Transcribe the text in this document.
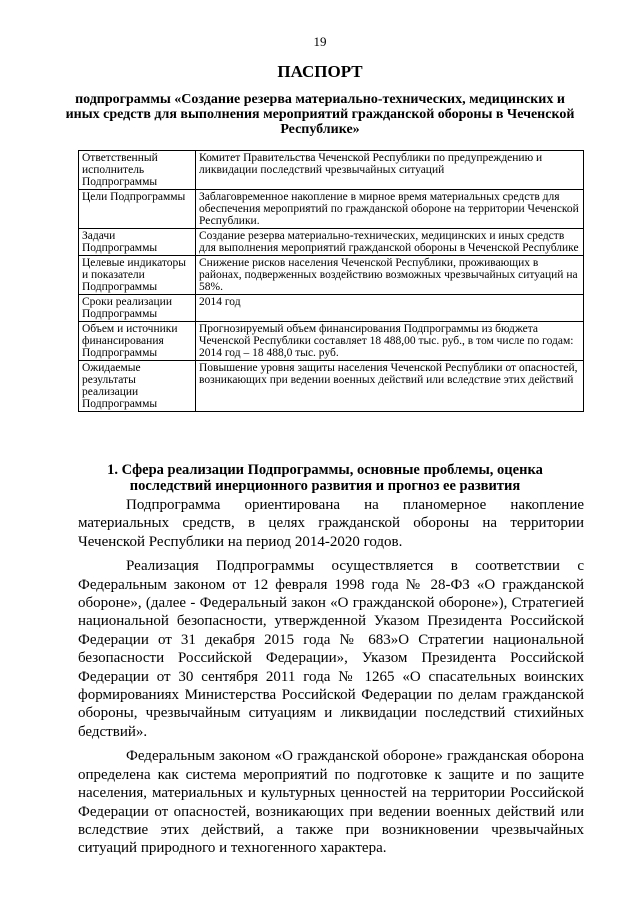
19
ПАСПОРТ
подпрограммы «Создание резерва материально-технических, медицинских и иных средств для выполнения мероприятий гражданской обороны в Чеченской Республике»
Ответственный исполнитель Подпрограммы	Комитет Правительства Чеченской Республики по предупреждению и ликвидации последствий чрезвычайных ситуаций
Цели Подпрограммы	Заблаговременное накопление в мирное время материальных средств для обеспечения мероприятий по гражданской обороне на территории Чеченской Республики.
Задачи Подпрограммы	Создание резерва материально-технических, медицинских и иных средств для выполнения мероприятий гражданской обороны в Чеченской Республике
Целевые индикаторы и показатели Подпрограммы	Снижение рисков населения Чеченской Республики, проживающих в районах, подверженных воздействию возможных чрезвычайных ситуаций на 58%.
Сроки реализации Подпрограммы	2014 год
Объем и источники финансирования Подпрограммы	Прогнозируемый объем финансирования Подпрограммы из бюджета Чеченской Республики составляет 18 488,00 тыс. руб., в том числе по годам:
2014 год – 18 488,0 тыс. руб.

Ожидаемые результаты реализации Подпрограммы	Повышение уровня защиты населения Чеченской Республики от опасностей, возникающих при ведении военных действий или вследствие этих действий
1. Сфера реализации Подпрограммы, основные проблемы, оценка последствий инерционного развития и прогноз ее развития

Подпрограмма ориентирована на планомерное накопление материальных средств, в целях гражданской обороны на территории Чеченской Республики на период 2014-2020 годов.

Реализация Подпрограммы осуществляется в соответствии с Федеральным законом от 12 февраля 1998 года № 28-ФЗ «О гражданской обороне», (далее - Федеральный закон «О гражданской обороне»), Стратегией национальной безопасности, утвержденной Указом Президента Российской Федерации от 31 декабря 2015 года № 683»О Стратегии национальной безопасности Российской Федерации», Указом Президента Российской Федерации от 30 сентября 2011 года № 1265 «О спасательных воинских формированиях Министерства Российской Федерации по делам гражданской обороны, чрезвычайным ситуациям и ликвидации последствий стихийных бедствий».

Федеральным законом «О гражданской обороне» гражданская оборона определена как система мероприятий по подготовке к защите и по защите населения, материальных и культурных ценностей на территории Российской Федерации от опасностей, возникающих при ведении военных действий или вследствие этих действий, а также при возникновении чрезвычайных ситуаций природного и техногенного характера.
